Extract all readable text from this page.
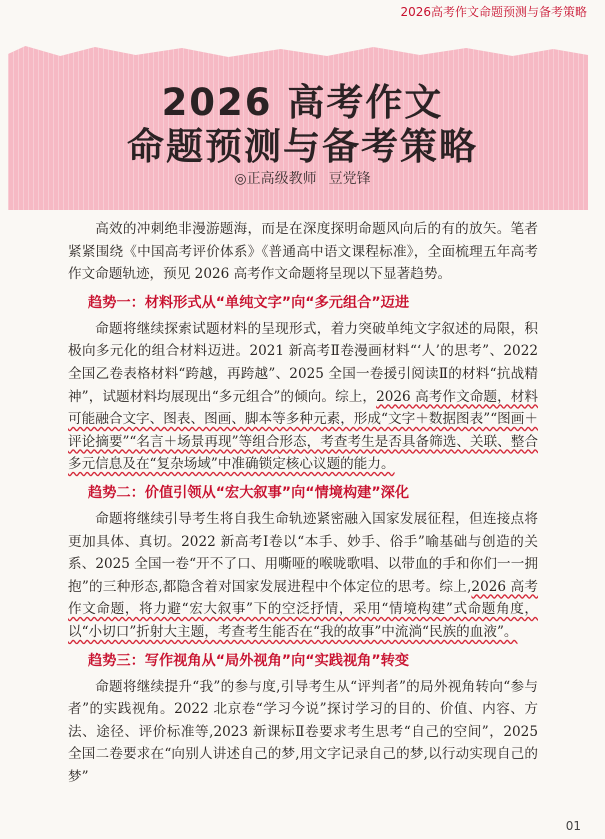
2026高考作文命题预测与备考策略
2026 高考作文
命题预测与备考策略
◎正高级教师 豆党锋

高效的冲刺绝非漫游题海，而是在深度探明命题风向后的有的放矢。笔者紧紧围绕《中国高考评价体系》《普通高中语文课程标准》，全面梳理五年高考作文命题轨迹，预见 2026 高考作文命题将呈现以下显著趋势。

趋势一：材料形式从“单纯文字”向“多元组合”迈进

命题将继续探索试题材料的呈现形式，着力突破单纯文字叙述的局限，积极向多元化的组合材料迈进。2021 新高考Ⅱ卷漫画材料“‘人’的思考”、2022 全国乙卷表格材料“跨越，再跨越”、2025 全国一卷援引阅读Ⅱ的材料“抗战精神”，试题材料均展现出“多元组合”的倾向。综上，2026 高考作文命题，材料可能融合文字、图表、图画、脚本等多种元素，形成“文字＋数据图表”“图画＋评论摘要”“名言＋场景再现”等组合形态，考查考生是否具备筛选、关联、整合多元信息及在“复杂场域”中准确锁定核心议题的能力。

趋势二：价值引领从“宏大叙事”向“情境构建”深化

命题将继续引导考生将自我生命轨迹紧密融入国家发展征程，但连接点将更加具体、真切。2022 新高考Ⅰ卷以“本手、妙手、俗手”喻基础与创造的关系、2025 全国一卷“开不了口、用嘶哑的喉咙歌唱、以带血的手和你们一一拥抱”的三种形态,都隐含着对国家发展进程中个体定位的思考。综上,2026 高考作文命题，将力避“宏大叙事”下的空泛抒情，采用“情境构建”式命题角度，以“小切口”折射大主题，考查考生能否在“我的故事”中流淌“民族的血液”。

趋势三：写作视角从“局外视角”向“实践视角”转变

命题将继续提升“我”的参与度,引导考生从“评判者”的局外视角转向“参与者”的实践视角。2022 北京卷“学习今说”探讨学习的目的、价值、内容、方法、途径、评价标准等,2023 新课标Ⅱ卷要求考生思考“自己的空间”，2025 全国二卷要求在“向别人讲述自己的梦,用文字记录自己的梦,以行动实现自己的梦”

01
